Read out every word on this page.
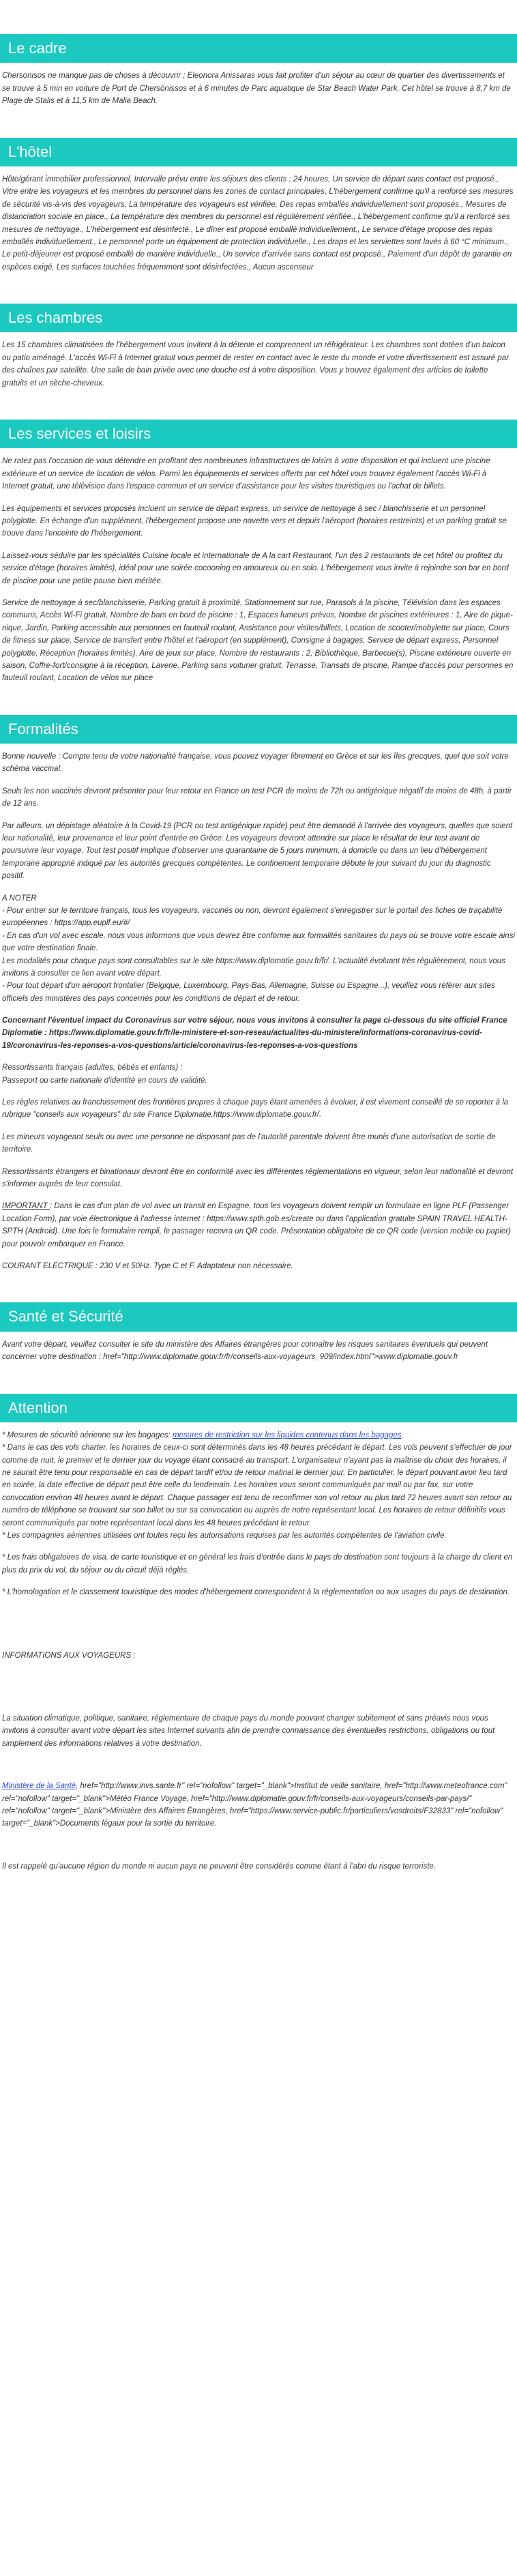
Le cadre

Chersonisos ne manque pas de choses à découvrir ; Eleonora Anissaras vous fait profiter d'un séjour au cœur de quartier des divertissements et se trouve à 5 min en voiture de Port de Chersónissos et à 6 minutes de Parc aquatique de Star Beach Water Park. Cet hôtel se trouve à 8,7 km de Plage de Stalis et à 11,5 km de Malia Beach.

L'hôtel

Hôte/gérant immobilier professionnel, Intervalle prévu entre les séjours des clients : 24 heures, Un service de départ sans contact est proposé., Vitre entre les voyageurs et les membres du personnel dans les zones de contact principales, L'hébergement confirme qu'il a renforcé ses mesures de sécurité vis-à-vis des voyageurs, La température des voyageurs est vérifiée, Des repas emballés individuellement sont proposés., Mesures de distanciation sociale en place., La température des membres du personnel est régulièrement vérifiée., L'hébergement confirme qu'il a renforcé ses mesures de nettoyage., L'hébergement est désinfecté., Le dîner est proposé emballé individuellement., Le service d'étage propose des repas emballés individuellement., Le personnel porte un équipement de protection individuelle., Les draps et les serviettes sont lavés à 60 °C minimum., Le petit-déjeuner est proposé emballé de manière individuelle., Un service d'arrivée sans contact est proposé., Paiement d'un dépôt de garantie en espèces exigé, Les surfaces touchées fréquemment sont désinfectées., Aucun ascenseur

Les chambres

Les 15 chambres climatisées de l'hébergement vous invitent à la détente et comprennent un réfrigérateur. Les chambres sont dotées d'un balcon ou patio aménagé. L'accès Wi-Fi à Internet gratuit vous permet de rester en contact avec le reste du monde et votre divertissement est assuré par des chaînes par satellite. Une salle de bain privée avec une douche est à votre disposition. Vous y trouvez également des articles de toilette gratuits et un sèche-cheveux.

Les services et loisirs

Ne ratez pas l'occasion de vous détendre en profitant des nombreuses infrastructures de loisirs à votre disposition et qui incluent une piscine extérieure et un service de location de vélos. Parmi les équipements et services offerts par cet hôtel vous trouvez également l'accès Wi-Fi à Internet gratuit, une télévision dans l'espace commun et un service d'assistance pour les visites touristiques ou l'achat de billets.

Les équipements et services proposés incluent un service de départ express, un service de nettoyage à sec / blanchisserie et un personnel polyglotte. En échange d'un supplément, l'hébergement propose une navette vers et depuis l'aéroport (horaires restreints) et un parking gratuit se trouve dans l'enceinte de l'hébergement.

Laissez-vous séduire par les spécialités Cuisine locale et internationale de A la cart Restaurant, l'un des 2 restaurants de cet hôtel ou profitez du service d'étage (horaires limités), idéal pour une soirée cocooning en amoureux ou en solo. L'hébergement vous invite à rejoindre son bar en bord de piscine pour une petite pause bien méritée.

Service de nettoyage à sec/blanchisserie, Parking gratuit à proximité, Stationnement sur rue, Parasols à la piscine, Télévision dans les espaces communs, Accès Wi-Fi gratuit, Nombre de bars en bord de piscine : 1, Espaces fumeurs prévus, Nombre de piscines extérieures : 1, Aire de pique-nique, Jardin, Parking accessible aux personnes en fauteuil roulant, Assistance pour visites/billets, Location de scooter/mobylette sur place, Cours de fitness sur place, Service de transfert entre l'hôtel et l'aéroport (en supplément), Consigne à bagages, Service de départ express, Personnel polyglotte, Réception (horaires limités), Aire de jeux sur place, Nombre de restaurants : 2, Bibliothèque, Barbecue(s), Piscine extérieure ouverte en saison, Coffre-fort/consigne à la réception, Laverie, Parking sans voiturier gratuit, Terrasse, Transats de piscine, Rampe d'accès pour personnes en fauteuil roulant, Location de vélos sur place

Formalités

Bonne nouvelle : Compte tenu de votre nationalité française, vous pouvez voyager librement en Grèce et sur les îles grecques, quel que soit votre schéma vaccinal.

Seuls les non vaccinés devront présenter pour leur retour en France un test PCR de moins de 72h ou antigénique négatif de moins de 48h, à partir de 12 ans.

Par ailleurs, un dépistage aléatoire à la Covid-19 (PCR ou test antigénique rapide) peut être demandé à l'arrivée des voyageurs, quelles que soient leur nationalité, leur provenance et leur point d'entrée en Grèce. Les voyageurs devront attendre sur place le résultat de leur test avant de poursuivre leur voyage. Tout test positif implique d'observer une quarantaine de 5 jours minimum, à domicile ou dans un lieu d'hébergement temporaire approprié indiqué par les autorités grecques compétentes. Le confinement temporaire débute le jour suivant du jour du diagnostic positif.

A NOTER
- Pour entrer sur le territoire français, tous les voyageurs, vaccinés ou non, devront également s'enregistrer sur le portail des fiches de traçabilité européennes : https://app.euplf.eu/#/
- En cas d'un vol avec escale, nous vous informons que vous devrez être conforme aux formalités sanitaires du pays où se trouve votre escale ainsi que votre destination finale.
Les modalités pour chaque pays sont consultables sur le site https://www.diplomatie.gouv.fr/fr/. L'actualité évoluant très régulièrement, nous vous invitons à consulter ce lien avant votre départ.
- Pour tout départ d'un aéroport frontalier (Belgique, Luxembourg, Pays-Bas, Allemagne, Suisse ou Espagne...), veuillez vous référer aux sites officiels des ministères des pays concernés pour les conditions de départ et de retour.

Concernant l'éventuel impact du Coronavirus sur votre séjour, nous vous invitons à consulter la page ci-dessous du site officiel France Diplomatie : https://www.diplomatie.gouv.fr/fr/le-ministere-et-son-reseau/actualites-du-ministere/informations-coronavirus-covid-19/coronavirus-les-reponses-a-vos-questions/article/coronavirus-les-reponses-a-vos-questions

Ressortissants français (adultes, bébés et enfants) :
Passeport ou carte nationale d'identité en cours de validité.

Les règles relatives au franchissement des frontières propres à chaque pays étant amenées à évoluer, il est vivement conseillé de se reporter à la rubrique "conseils aux voyageurs" du site France Diplomatie,https://www.diplomatie.gouv.fr/.

Les mineurs voyageant seuls ou avec une personne ne disposant pas de l'autorité parentale doivent être munis d'une autorisation de sortie de territoire.

Ressortissants étrangers et binationaux devront être en conformité avec les différentes réglementations en vigueur, selon leur nationalité et devront s'informer auprès de leur consulat.

IMPORTANT : Dans le cas d'un plan de vol avec un transit en Espagne, tous les voyageurs doivent remplir un formulaire en ligne PLF (Passenger Location Form), par voie électronique à l'adresse internet : https://www.spth.gob.es/create ou dans l'application gratuite SPAIN TRAVEL HEALTH-SPTH (Android). Une fois le formulaire rempli, le passager recevra un QR code. Présentation obligatoire de ce QR code (version mobile ou papier) pour pouvoir embarquer en France.

COURANT ELECTRIQUE : 230 V et 50Hz. Type C et F. Adaptateur non nécessaire.

Santé et Sécurité

Avant votre départ, veuillez consulter le site du ministère des Affaires étrangères pour connaître les risques sanitaires éventuels qui peuvent concerner votre destination : href="http://www.diplomatie.gouv.fr/fr/conseils-aux-voyageurs_909/index.html">www.diplomatie.gouv.fr

Attention

* Mesures de sécurité aérienne sur les bagages: mesures de restriction sur les liquides contenus dans les bagages.

* Dans le cas des vols charter, les horaires de ceux-ci sont déterminés dans les 48 heures précédant le départ. Les vols peuvent s'effectuer de jour comme de nuit, le premier et le dernier jour du voyage étant consacré au transport. L'organisateur n'ayant pas la maîtrise du choix des horaires, il ne saurait être tenu pour responsable en cas de départ tardif et/ou de retour matinal le dernier jour. En particulier, le départ pouvant avoir lieu tard en soirée, la date effective de départ peut être celle du lendemain. Les horaires vous seront communiqués par mail ou par fax, sur votre convocation environ 48 heures avant le départ. Chaque passager est tenu de reconfirmer son vol retour au plus tard 72 heures avant son retour au numéro de téléphone se trouvant sur son billet ou sur sa convocation ou auprès de notre représentant local. Les horaires de retour définitifs vous seront communiqués par notre représentant local dans les 48 heures précédant le retour.

* Les compagnies aériennes utilisées ont toutes reçu les autorisations requises par les autorités compétentes de l'aviation civile.

* Les frais obligatoires de visa, de carte touristique et en général les frais d'entrée dans le pays de destination sont toujours à la charge du client en plus du prix du vol, du séjour ou du circuit déjà réglés.

* L'homologation et le classement touristique des modes d'hébergement correspondent à la réglementation ou aux usages du pays de destination.

INFORMATIONS AUX VOYAGEURS :

La situation climatique, politique, sanitaire, réglementaire de chaque pays du monde pouvant changer subitement et sans préavis nous vous invitons à consulter avant votre départ les sites Internet suivants afin de prendre connaissance des éventuelles restrictions, obligations ou tout simplement des informations relatives à votre destination.

Ministère de la Santé, href="http://www.invs.sante.fr" rel="nofollow" target="_blank">Institut de veille sanitaire, href="http://www.meteofrance.com" rel="nofollow" target="_blank">Météo France Voyage, href="http://www.diplomatie.gouv.fr/fr/conseils-aux-voyageurs/conseils-par-pays/" rel="nofollow" target="_blank">Ministère des Affaires Étrangères, href="https://www.service-public.fr/particuliers/vosdroits/F32833" rel="nofollow" target="_blank">Documents légaux pour la sortie du territoire.

Il est rappelé qu'aucune région du monde ni aucun pays ne peuvent être considérés comme étant à l'abri du risque terroriste.
